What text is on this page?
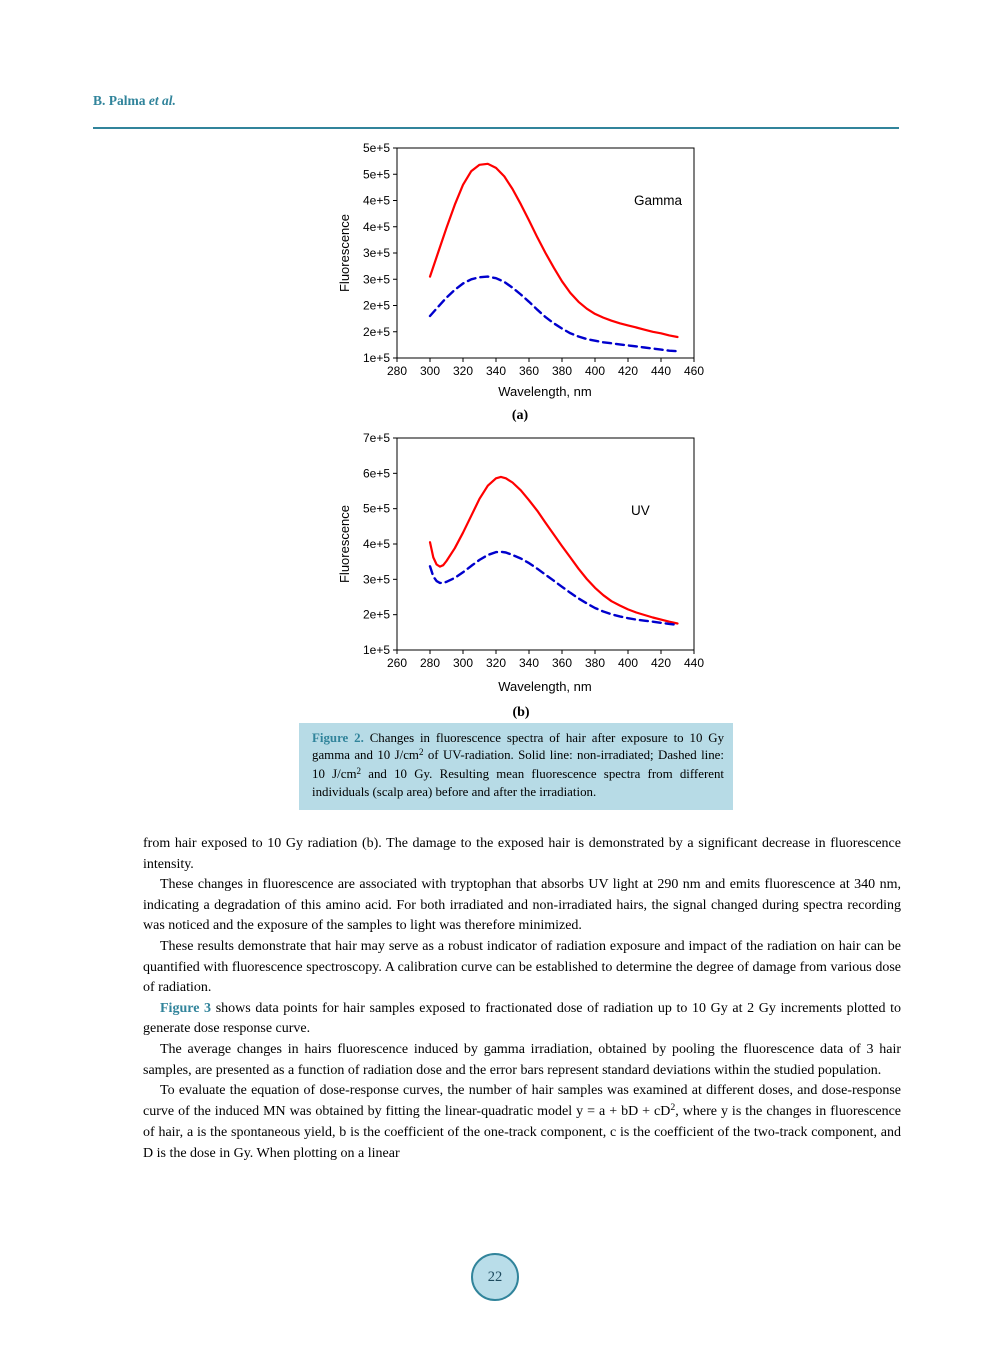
B. Palma et al.
5e+5
5e+5
4e+5
4e+5
3e+5
3e+5
2e+5
2e+5
1e+5
280 300 320 340 360 380 400 420 440 460
Gamma
Wavelength, nm
Fluorescence
(a)
7e+5
6e+5
5e+5
4e+5
3e+5
2e+5
1e+5
260 280 300 320 340 360 380 400 420 440
UV
Wavelength, nm
Fluorescence
(b)
Figure 2. Changes in fluorescence spectra of hair after exposure to 10 Gy gamma and 10 $J/cm^2$ of UV-radiation. Solid line: non-irradiated; Dashed line: 10 $J/cm^2$ and 10 Gy. Resulting mean fluorescence spectra from different individuals (scalp area) before and after the irradiation.
from hair exposed to 10 Gy radiation (b). The damage to the exposed hair is demonstrated by a significant decrease in fluorescence intensity.
These changes in fluorescence are associated with tryptophan that absorbs UV light at 290 nm and emits fluorescence at 340 nm, indicating a degradation of this amino acid. For both irradiated and non-irradiated hairs, the signal changed during spectra recording was noticed and the exposure of the samples to light was therefore minimized.
These results demonstrate that hair may serve as a robust indicator of radiation exposure and impact of the radiation on hair can be quantified with fluorescence spectroscopy. A calibration curve can be established to determine the degree of damage from various dose of radiation.
Figure 3 shows data points for hair samples exposed to fractionated dose of radiation up to 10 Gy at 2 Gy increments plotted to generate dose response curve.
The average changes in hairs fluorescence induced by gamma irradiation, obtained by pooling the fluorescence data of 3 hair samples, are presented as a function of radiation dose and the error bars represent standard deviations within the studied population.
To evaluate the equation of dose-response curves, the number of hair samples was examined at different doses, and dose-response curve of the induced MN was obtained by fitting the linear-quadratic model y = a + bD + $cD^2$, where y is the changes in fluorescence of hair, a is the spontaneous yield, b is the coefficient of the one-track component, c is the coefficient of the two-track component, and D is the dose in Gy. When plotting on a linear
22
